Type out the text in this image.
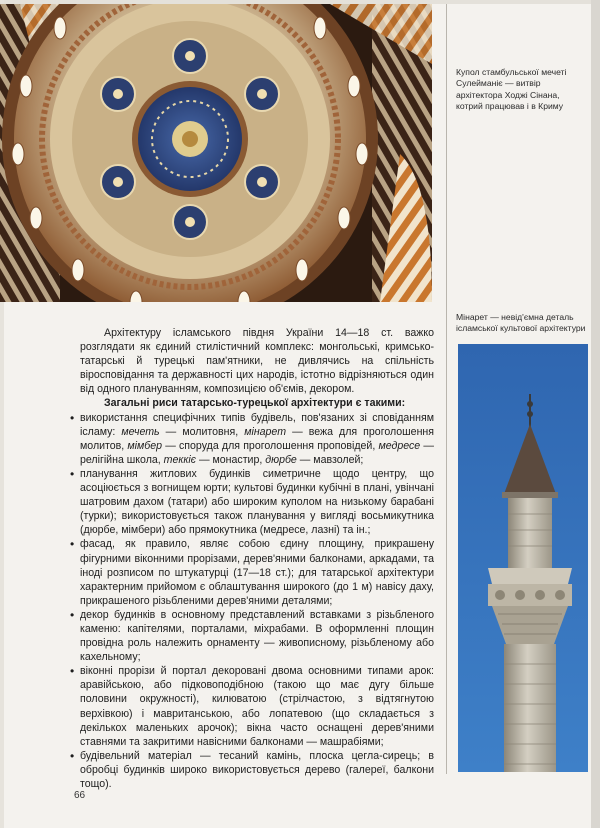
Купол стамбульської мечеті
Сулейманіє — витвір
архітектора Ходжі Сінана,
котрий працював і в Криму
Мінарет — невід'ємна деталь
ісламської культової архітектури

Архітектуру ісламського півдня України 14—18 ст. важко розглядати як єдиний стилістичний комплекс: монгольські, кримсько-татарські й турецькі пам'ятники, не дивлячись на спільність віросповідання та державності цих народів, істотно відрізняються один від одного плануванням, композицією об'ємів, декором.

Загальні риси татарсько-турецької архітектури є такими:

• використання специфічних типів будівель, пов'язаних зі сповіданням ісламу: мечеть — молитовня, мінарет — вежа для проголошення молитов, мімбер — споруда для проголошення проповідей, медресе — релігійна школа, теккіє — монастир, дюрбе — мавзолей;
• планування житлових будинків симетричне щодо центру, що асоціюється з вогнищем юрти; культові будинки кубічні в плані, увінчані шатровим дахом (татари) або широким куполом на низькому барабані (турки); використовується також планування у вигляді восьмикутника (дюрбе, мімбери) або прямокутника (медресе, лазні) та ін.;
• фасад, як правило, являє собою єдину площину, прикрашену фігурними віконними прорізами, дерев'яними балконами, аркадами, та іноді розписом по штукатурці (17—18 ст.); для татарської архітектури характерним прийомом є облаштування широкого (до 1 м) навісу даху, прикрашеного різьбленими дерев'яними деталями;
• декор будинків в основному представлений вставками з різьбленого каменю: капітелями, порталами, міхрабами. В оформленні площин провідна роль належить орнаменту — живописному, різьбленому або кахельному;
• віконні прорізи й портал декоровані двома основними типами арок: аравійською, або підковоподібною (такою що має дугу більше половини окружності), килюватою (стрілчастою, з відтягнутою верхівкою) і мавританською, або лопатевою (що складається з декількох маленьких арочок); вікна часто оснащені дерев'яними ставнями та закритими навісними балконами — машрабіями;
• будівельний матеріал — тесаний камінь, плоска цегла-сирець; в обробці будинків широко використовується дерево (галереї, балкони тощо).
66
